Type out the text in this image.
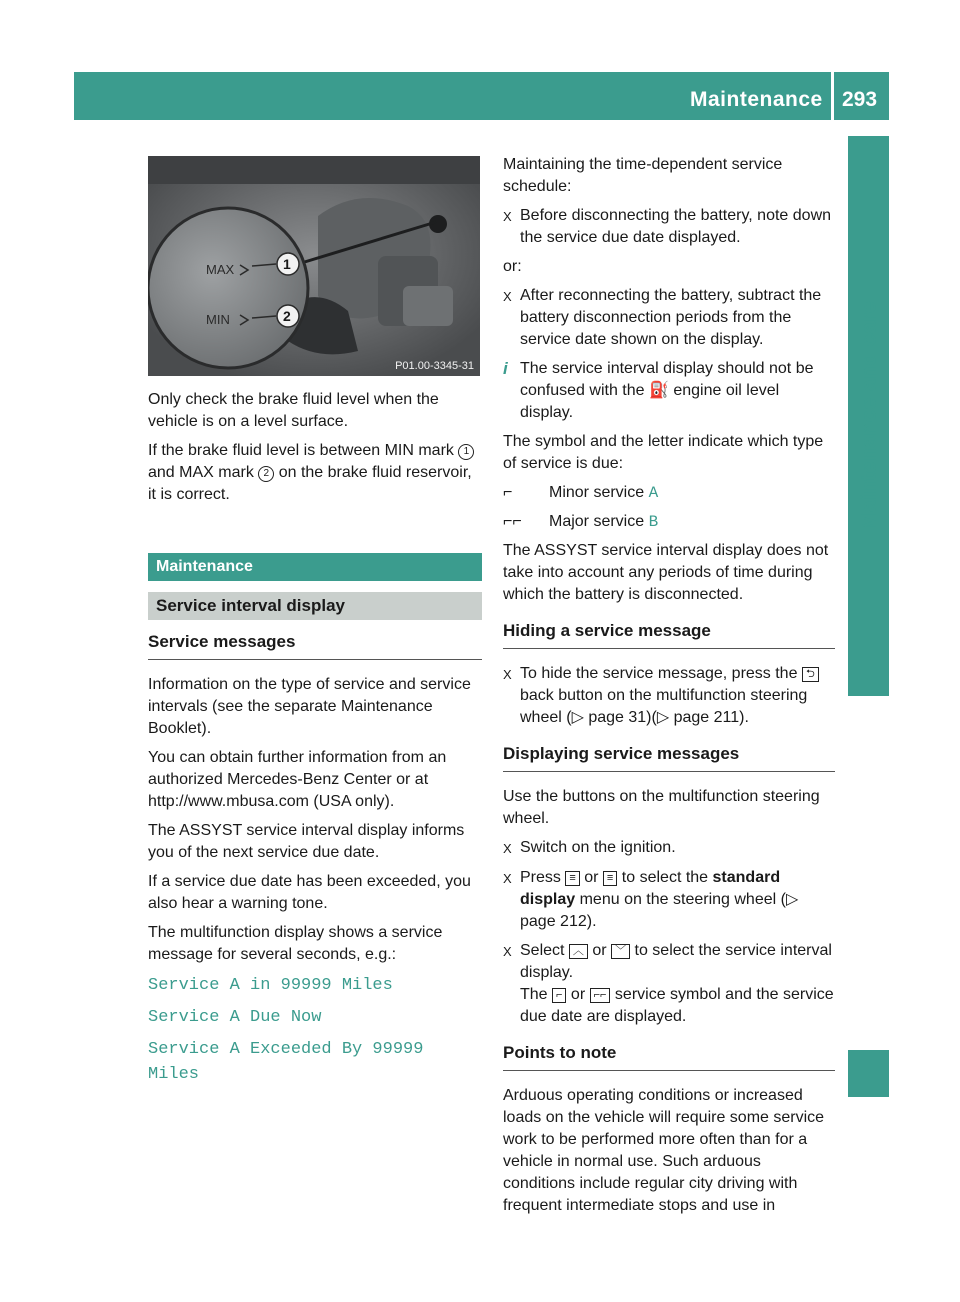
Maintenance 293
Maintenance and care
MAX
MIN
1
2
P01.00-3345-31

Only check the brake fluid level when the vehicle is on a level surface.

If the brake fluid level is between MIN mark 1 and MAX mark 2 on the brake fluid reservoir, it is correct.

Maintenance
Service interval display
Service messages

Information on the type of service and service intervals (see the separate Maintenance Booklet).

You can obtain further information from an authorized Mercedes-Benz Center or at http://www.mbusa.com (USA only).

The ASSYST service interval display informs you of the next service due date.

If a service due date has been exceeded, you also hear a warning tone.

The multifunction display shows a service message for several seconds, e.g.:

Service A in 99999 Miles

Service A Due Now

Service A Exceeded By 99999 Miles

Maintaining the time-dependent service schedule:

X Before disconnecting the battery, note down the service due date displayed.

or:

X After reconnecting the battery, subtract the battery disconnection periods from the service date shown on the display.
i The service interval display should not be confused with the ⛽ engine oil level display.

The symbol and the letter indicate which type of service is due:

⌐	Minor service
A
⌐⌐	Major service
B

The ASSYST service interval display does not take into account any periods of time during which the battery is disconnected.

Hiding a service message
X To hide the service message, press the ⮌ back button on the multifunction steering wheel (▷ page 31)(▷ page 211).
Displaying service messages

Use the buttons on the multifunction steering wheel.

X Switch on the ignition.
X Press ≡ or ≡ to select the standard display menu on the steering wheel (▷ page 212).
X Select ︿ or ﹀ to select the service interval display.
The ⌐ or ⌐⌐ service symbol and the service due date are displayed.
Points to note

Arduous operating conditions or increased loads on the vehicle will require some service work to be performed more often than for a vehicle in normal use. Such arduous conditions include regular city driving with frequent intermediate stops and use in
